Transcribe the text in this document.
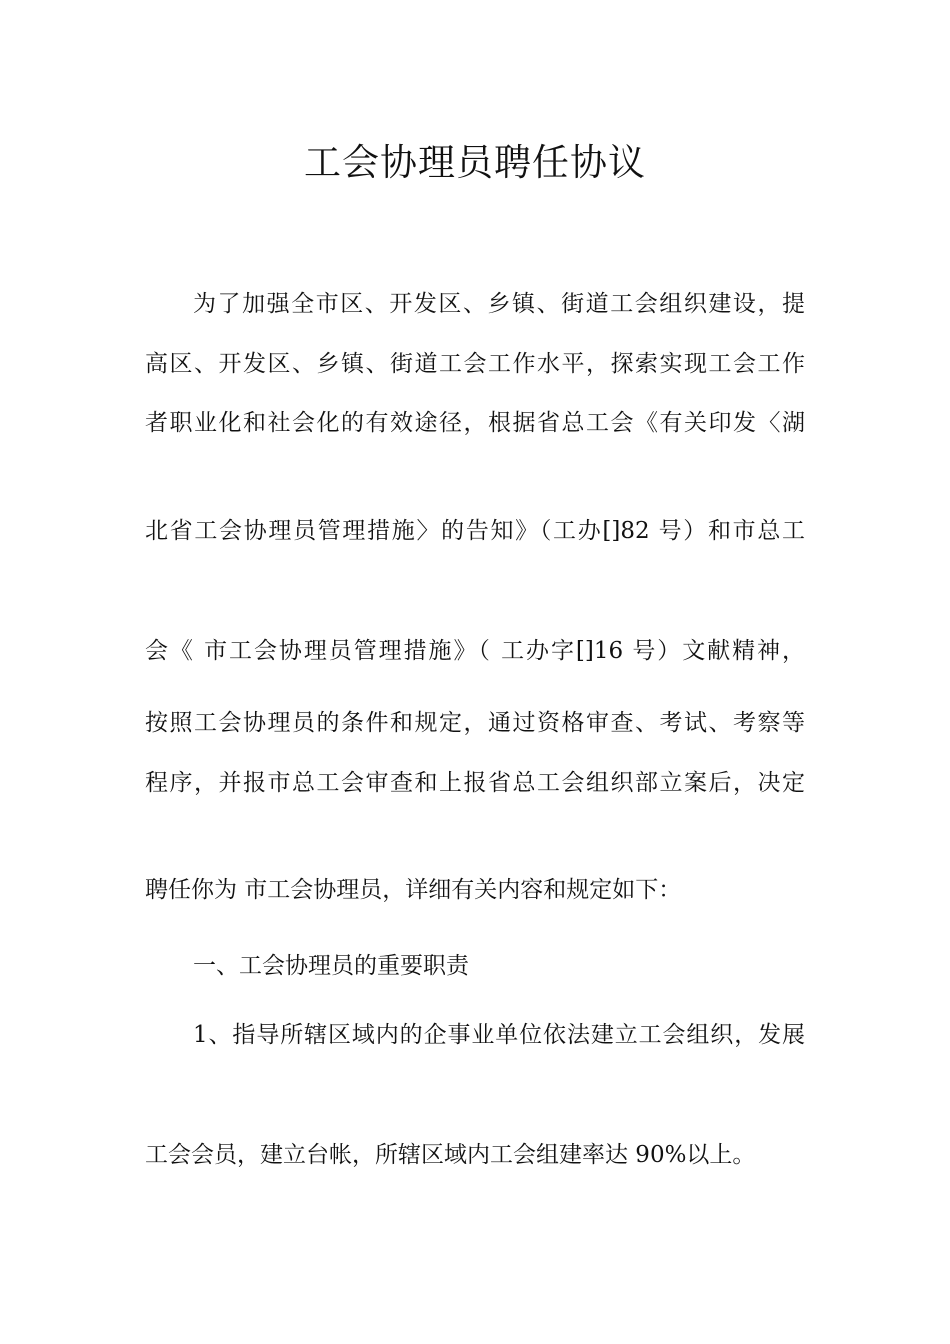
工会协理员聘任协议
为了加强全市区、开发区、乡镇、街道工会组织建设，提
高区、开发区、乡镇、街道工会工作水平，探索实现工会工作
者职业化和社会化的有效途径，根据省总工会《有关印发〈湖
北省工会协理员管理措施〉的告知》（工办[]82 号）和市总工
会《 市工会协理员管理措施》（ 工办字[]16 号）文献精神，
按照工会协理员的条件和规定，通过资格审查、考试、考察等
程序，并报市总工会审查和上报省总工会组织部立案后，决定
聘任你为 市工会协理员，详细有关内容和规定如下：
一、工会协理员的重要职责
1、指导所辖区域内的企事业单位依法建立工会组织，发展
工会会员，建立台帐，所辖区域内工会组建率达 90%以上。
